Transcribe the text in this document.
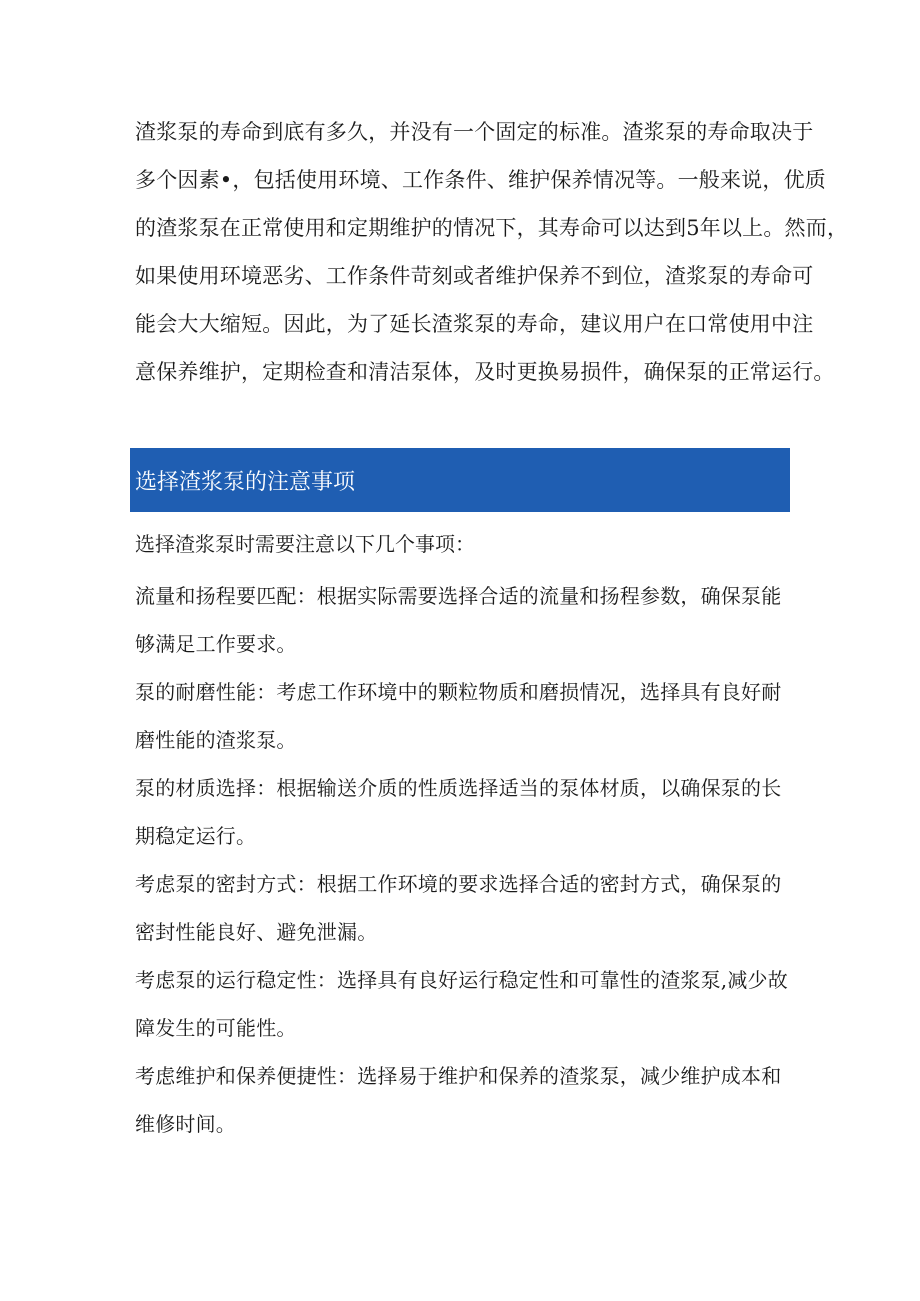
渣浆泵的寿命到底有多久，并没有一个固定的标准。渣浆泵的寿命取决于
多个因素•，包括使用环境、工作条件、维护保养情况等。一般来说，优质
的渣浆泵在正常使用和定期维护的情况下，其寿命可以达到5年以上。然而，
如果使用环境恶劣、工作条件苛刻或者维护保养不到位，渣浆泵的寿命可
能会大大缩短。因此，为了延长渣浆泵的寿命，建议用户在口常使用中注
意保养维护，定期检查和清洁泵体，及时更换易损件，确保泵的正常运行。
选择渣浆泵的注意事项
选择渣浆泵时需要注意以下几个事项：
流量和扬程要匹配：根据实际需要选择合适的流量和扬程参数，确保泵能
够满足工作要求。
泵的耐磨性能：考虑工作环境中的颗粒物质和磨损情况，选择具有良好耐
磨性能的渣浆泵。
泵的材质选择：根据输送介质的性质选择适当的泵体材质，以确保泵的长
期稳定运行。
考虑泵的密封方式：根据工作环境的要求选择合适的密封方式，确保泵的
密封性能良好、避免泄漏。
考虑泵的运行稳定性：选择具有良好运行稳定性和可靠性的渣浆泵,减少故
障发生的可能性。
考虑维护和保养便捷性：选择易于维护和保养的渣浆泵，减少维护成本和
维修时间。
